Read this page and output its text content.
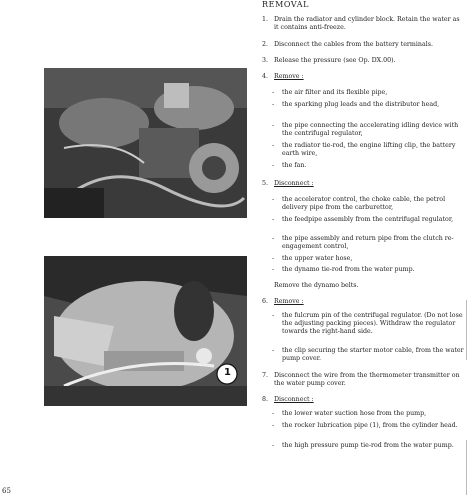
1
REMOVAL
1. Drain the radiator and cylinder block. Retain the water as it contains anti-freeze.
2. Disconnect the cables from the battery terminals.
3. Release the pressure (see Op. DX.00).
4. Remove :
- the air filter and its flexible pipe,
- the sparking plug leads and the distributor head,
- the pipe connecting the accelerating idling device with the centrifugal regulator,
- the radiator tie-rod, the engine lifting clip, the battery earth wire,
- the fan.
5. Disconnect :
- the accelerator control, the choke cable, the petrol delivery pipe from the carburettor,
- the feedpipe assembly from the centrifugal regulator,
- the pipe assembly and return pipe from the clutch re-engagement control,
- the upper water hose,
- the dynamo tie-rod from the water pump.
Remove the dynamo belts.
6. Remove :
- the fulcrum pin of the centrifugal regulator. (Do not lose the adjusting packing pieces). Withdraw the regulator towards the right-hand side.
- the clip securing the starter motor cable, from the water pump cover.
7. Disconnect the wire from the thermometer transmitter on the water pump cover.
8. Disconnect :
- the lower water suction hose from the pump,
- the rocker lubrication pipe (1), from the cylinder head.
- the high pressure pump tie-rod from the water pump.
65
